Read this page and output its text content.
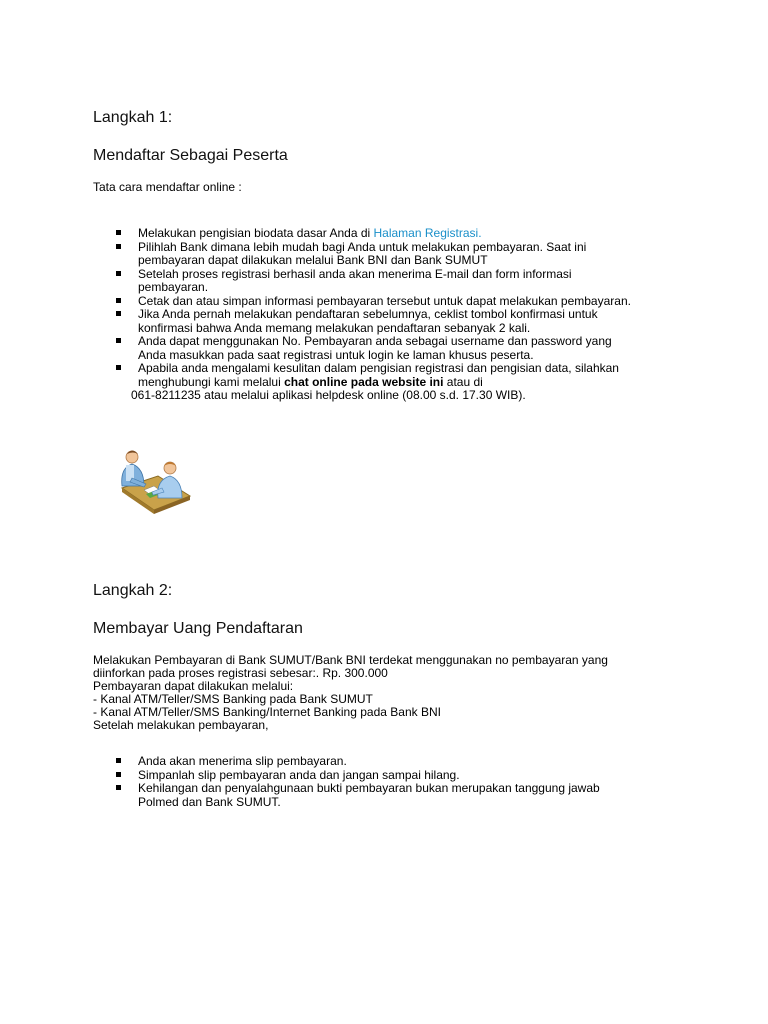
Langkah 1:
Mendaftar Sebagai Peserta

Tata cara mendaftar online :

Melakukan pengisian biodata dasar Anda di Halaman Registrasi.
Pilihlah Bank dimana lebih mudah bagi Anda untuk melakukan pembayaran. Saat ini
pembayaran dapat dilakukan melalui Bank BNI dan Bank SUMUT
Setelah proses registrasi berhasil anda akan menerima E-mail dan form informasi
pembayaran.
Cetak dan atau simpan informasi pembayaran tersebut untuk dapat melakukan pembayaran.
Jika Anda pernah melakukan pendaftaran sebelumnya, ceklist tombol konfirmasi untuk
konfirmasi bahwa Anda memang melakukan pendaftaran sebanyak 2 kali.
Anda dapat menggunakan No. Pembayaran anda sebagai username dan password yang
Anda masukkan pada saat registrasi untuk login ke laman khusus peserta.
Apabila anda mengalami kesulitan dalam pengisian registrasi dan pengisian data, silahkan
menghubungi kami melalui chat online pada website ini atau di
061-8211235 atau melalui aplikasi helpdesk online (08.00 s.d. 17.30 WIB).
Langkah 2:
Membayar Uang Pendaftaran
Melakukan Pembayaran di Bank SUMUT/Bank BNI terdekat menggunakan no pembayaran yang
diinforkan pada proses registrasi sebesar:. Rp. 300.000
Pembayaran dapat dilakukan melalui:
- Kanal ATM/Teller/SMS Banking pada Bank SUMUT
- Kanal ATM/Teller/SMS Banking/Internet Banking pada Bank BNI
Setelah melakukan pembayaran,
Anda akan menerima slip pembayaran.
Simpanlah slip pembayaran anda dan jangan sampai hilang.
Kehilangan dan penyalahgunaan bukti pembayaran bukan merupakan tanggung jawab
Polmed dan Bank SUMUT.
